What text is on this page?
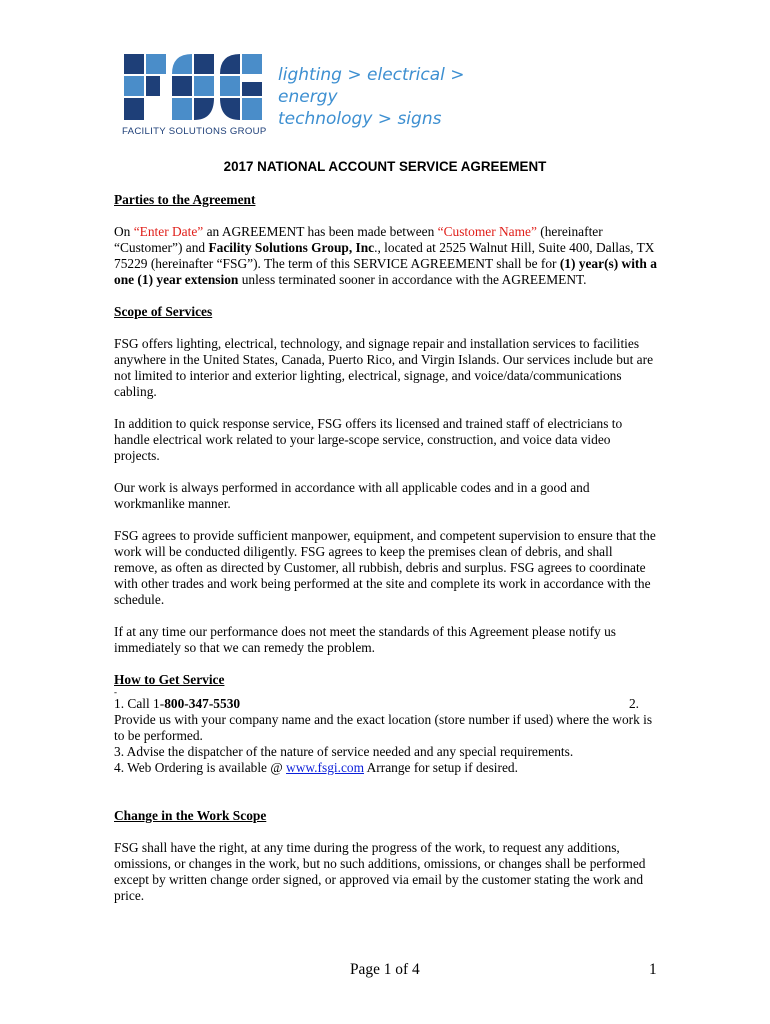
lighting > electrical > energy
technology > signs
FACILITY SOLUTIONS GROUP
2017 NATIONAL ACCOUNT SERVICE AGREEMENT

Parties to the Agreement

On “Enter Date” an AGREEMENT has been made between “Customer Name” (hereinafter “Customer”) and Facility Solutions Group, Inc., located at 2525 Walnut Hill, Suite 400, Dallas, TX 75229 (hereinafter “FSG”). The term of this SERVICE AGREEMENT shall be for (1) year(s) with a one (1) year extension unless terminated sooner in accordance with the AGREEMENT.

Scope of Services

FSG offers lighting, electrical, technology, and signage repair and installation services to facilities anywhere in the United States, Canada, Puerto Rico, and Virgin Islands. Our services include but are not limited to interior and exterior lighting, electrical, signage, and voice/data/communications cabling.

In addition to quick response service, FSG offers its licensed and trained staff of electricians to handle electrical work related to your large-scope service, construction, and voice data video projects.

Our work is always performed in accordance with all applicable codes and in a good and workmanlike manner.

FSG agrees to provide sufficient manpower, equipment, and competent supervision to ensure that the work will be conducted diligently. FSG agrees to keep the premises clean of debris, and shall remove, as often as directed by Customer, all rubbish, debris and surplus. FSG agrees to coordinate with other trades and work being performed at the site and complete its work in accordance with the schedule.

If at any time our performance does not meet the standards of this Agreement please notify us immediately so that we can remedy the problem.

How to Get Service

-
1. Call 1-800-347-5530	2.

Provide us with your company name and the exact location (store number if used) where the work is to be performed.

3. Advise the dispatcher of the nature of service needed and any special requirements.

4. Web Ordering is available @ www.fsgi.com Arrange for setup if desired.

Change in the Work Scope

FSG shall have the right, at any time during the progress of the work, to request any additions, omissions, or changes in the work, but no such additions, omissions, or changes shall be performed except by written change order signed, or approved via email by the customer stating the work and price.

Page 1 of 4	1
